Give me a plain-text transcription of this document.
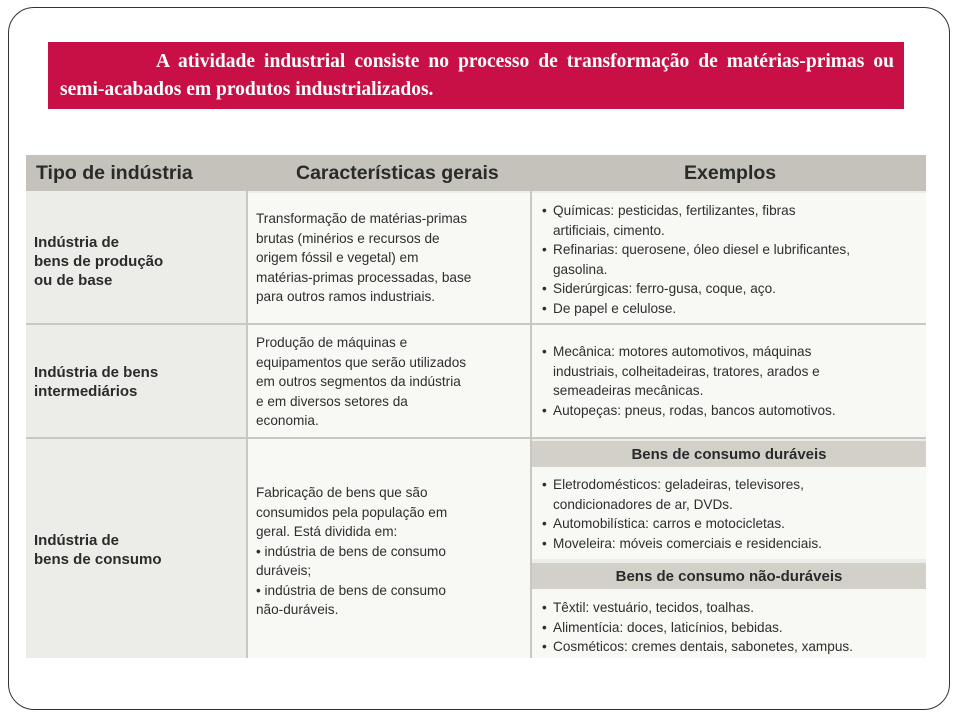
A atividade industrial consiste no processo de transformação de matérias-primas ou semi-acabados em produtos industrializados.
Tipo de indústria	Características gerais	Exemplos
Indústria de
bens de produção
ou de base
Transformação de matérias-primas
brutas (minérios e recursos de
origem fóssil e vegetal) em
matérias-primas processadas, base
para outros ramos industriais.
• Químicas: pesticidas, fertilizantes, fibras
artificiais, cimento.
• Refinarias: querosene, óleo diesel e lubrificantes,
gasolina.
• Siderúrgicas: ferro-gusa, coque, aço.
• De papel e celulose.
Indústria de bens
intermediários
Produção de máquinas e
equipamentos que serão utilizados
em outros segmentos da indústria
e em diversos setores da
economia.
• Mecânica: motores automotivos, máquinas
industriais, colheitadeiras, tratores, arados e
semeadeiras mecânicas.
• Autopeças: pneus, rodas, bancos automotivos.
Indústria de
bens de consumo
Fabricação de bens que são
consumidos pela população em
geral. Está dividida em:
• indústria de bens de consumo
duráveis;
• indústria de bens de consumo
não-duráveis.
Bens de consumo duráveis
• Eletrodomésticos: geladeiras, televisores,
condicionadores de ar, DVDs.
• Automobilística: carros e motocicletas.
• Moveleira: móveis comerciais e residenciais.
Bens de consumo não-duráveis
• Têxtil: vestuário, tecidos, toalhas.
• Alimentícia: doces, laticínios, bebidas.
• Cosméticos: cremes dentais, sabonetes, xampus.
